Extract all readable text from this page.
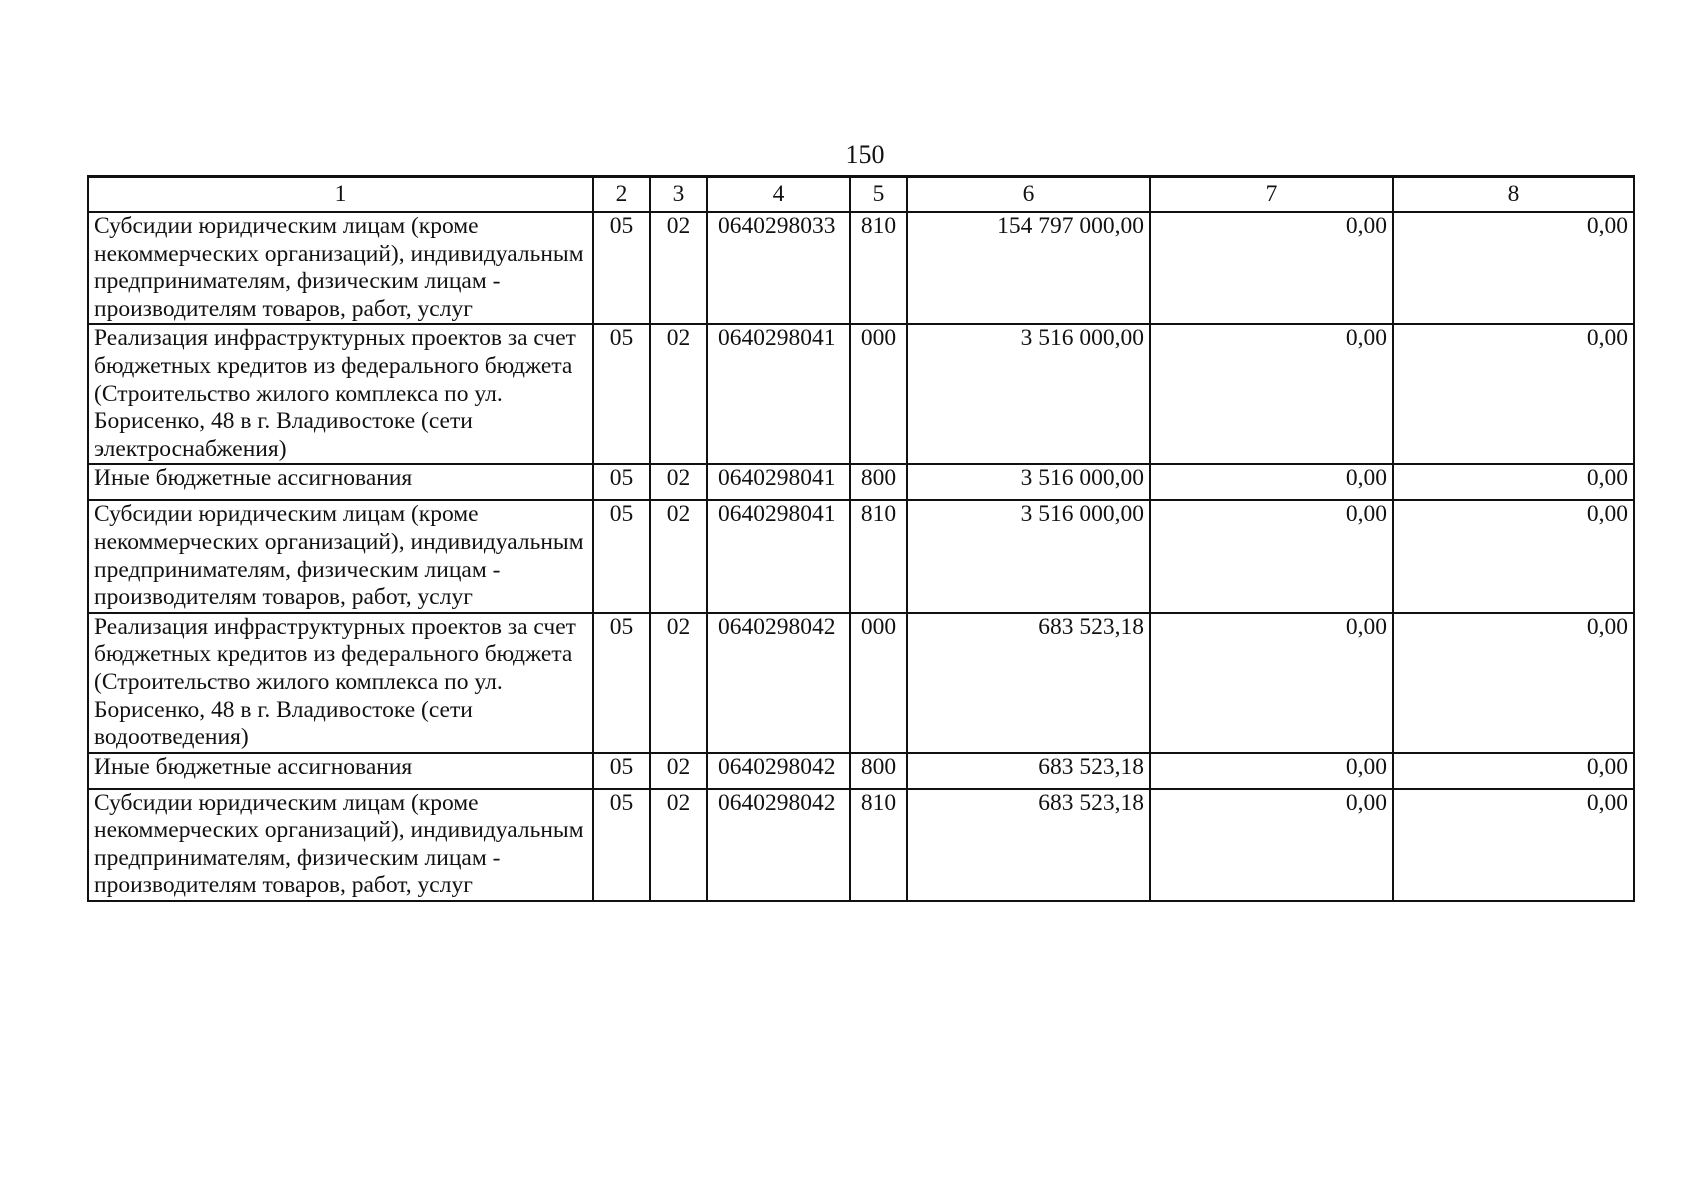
150
1	2	3	4	5	6	7	8
Субсидии юридическим лицам (кроме некоммерческих организаций), индивидуальным предпринимателям, физическим лицам - производителям товаров, работ, услуг	05	02	0640298033	810	154 797 000,00	0,00	0,00
Реализация инфраструктурных проектов за счет бюджетных кредитов из федерального бюджета (Строительство жилого комплекса по ул. Борисенко, 48 в г. Владивостоке (сети электроснабжения)	05	02	0640298041	000	3 516 000,00	0,00	0,00
Иные бюджетные ассигнования	05	02	0640298041	800	3 516 000,00	0,00	0,00
Субсидии юридическим лицам (кроме некоммерческих организаций), индивидуальным предпринимателям, физическим лицам - производителям товаров, работ, услуг	05	02	0640298041	810	3 516 000,00	0,00	0,00
Реализация инфраструктурных проектов за счет бюджетных кредитов из федерального бюджета (Строительство жилого комплекса по ул. Борисенко, 48 в г. Владивостоке (сети водоотведения)	05	02	0640298042	000	683 523,18	0,00	0,00
Иные бюджетные ассигнования	05	02	0640298042	800	683 523,18	0,00	0,00
Субсидии юридическим лицам (кроме некоммерческих организаций), индивидуальным предпринимателям, физическим лицам - производителям товаров, работ, услуг	05	02	0640298042	810	683 523,18	0,00	0,00
